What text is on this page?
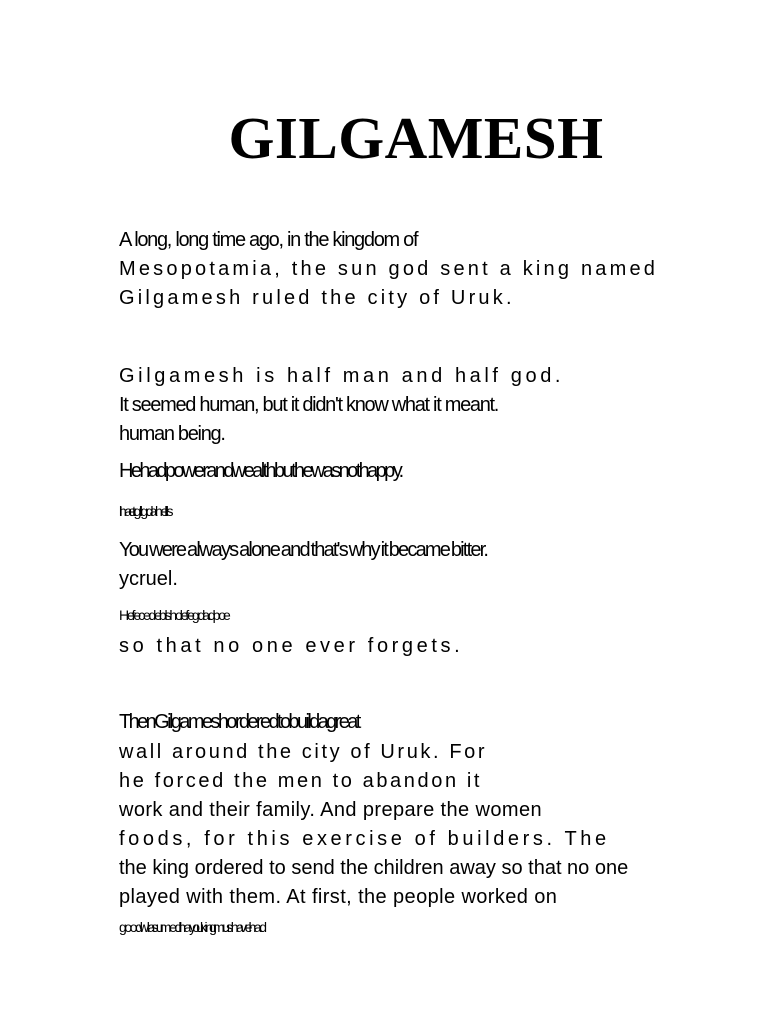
GILGAMESH
A long, long time ago, in the kingdom of
Mesopotamia, the sun god sent a king named
Gilgamesh ruled the city of Uruk.
Gilgamesh is half man and half god.
It seemed human, but it didn't know what it meant.
human being.
He had power and wealth but he was not happy.
I ha e tgllgd ahe llls
You were always alone and that's why it became bitter.
ycruel.
He fe cede bl sho le fe gd ad po e
so that no one ever forgets.
Then Gilgamesh ordered to build a great
wall around the city of Uruk. For
he forced the men to abandon it
work and their family. And prepare the women
foods, for this exercise of builders. The
the king ordered to send the children away so that no one
played with them. At first, the people worked on
good wla su med hay o u kin g mu sha ve had
